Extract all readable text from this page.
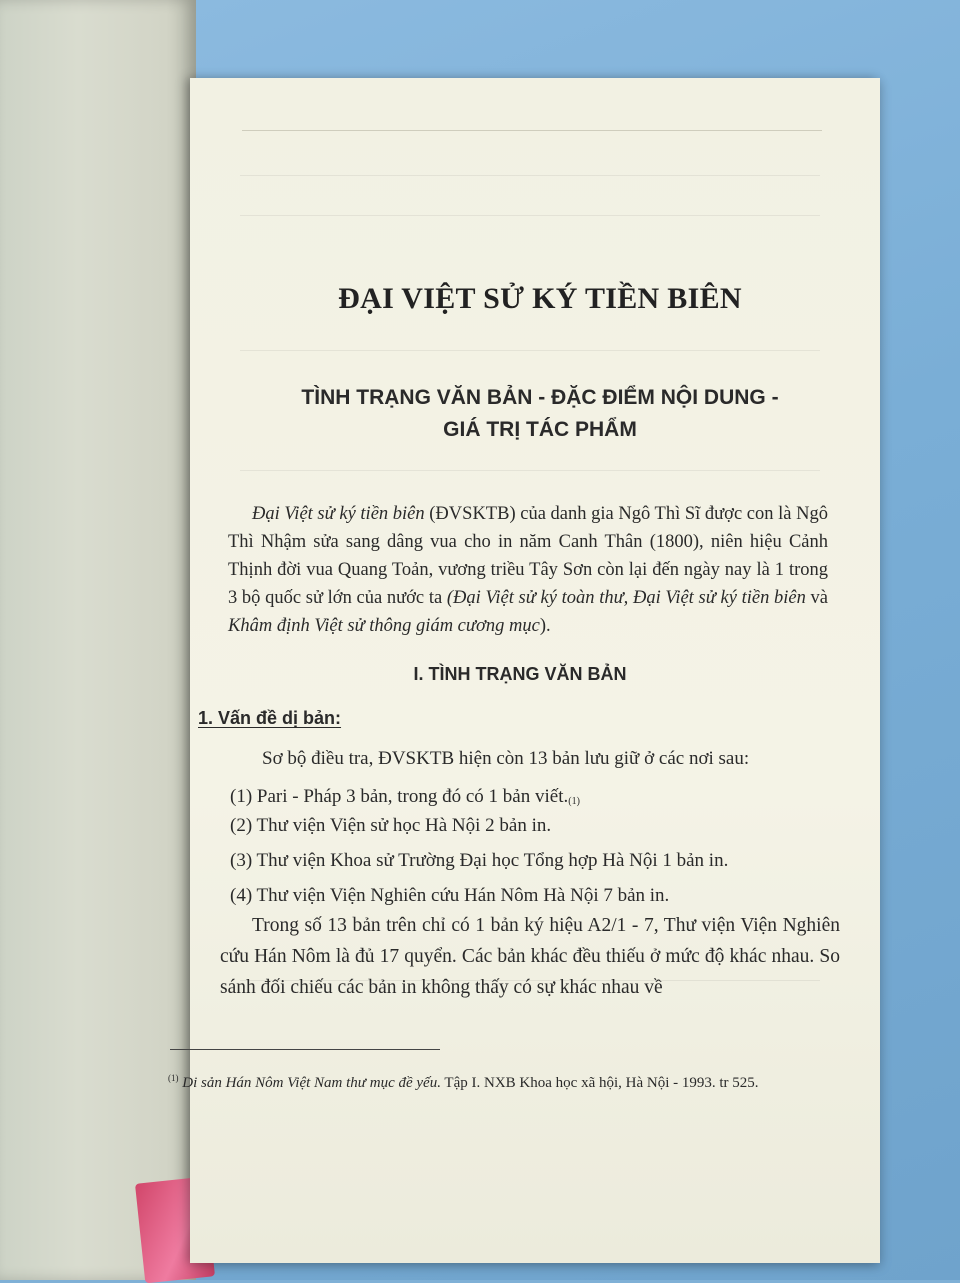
ĐẠI VIỆT SỬ KÝ TIỀN BIÊN
TÌNH TRẠNG VĂN BẢN - ĐẶC ĐIỂM NỘI DUNG -
GIÁ TRỊ TÁC PHẨM

Đại Việt sử ký tiền biên (ĐVSKTB) của danh gia Ngô Thì Sĩ được con là Ngô Thì Nhậm sửa sang dâng vua cho in năm Canh Thân (1800), niên hiệu Cảnh Thịnh đời vua Quang Toản, vương triều Tây Sơn còn lại đến ngày nay là 1 trong 3 bộ quốc sử lớn của nước ta (Đại Việt sử ký toàn thư, Đại Việt sử ký tiền biên và Khâm định Việt sử thông giám cương mục).

I. TÌNH TRẠNG VĂN BẢN
1. Vấn đề dị bản:
Sơ bộ điều tra, ĐVSKTB hiện còn 13 bản lưu giữ ở các nơi sau:
(1) Pari - Pháp 3 bản, trong đó có 1 bản viết.$^{(1)}$
(2) Thư viện Viện sử học Hà Nội 2 bản in.
(3) Thư viện Khoa sử Trường Đại học Tổng hợp Hà Nội 1 bản in.
(4) Thư viện Viện Nghiên cứu Hán Nôm Hà Nội 7 bản in.

Trong số 13 bản trên chỉ có 1 bản ký hiệu A2/1 - 7, Thư viện Viện Nghiên cứu Hán Nôm là đủ 17 quyển. Các bản khác đều thiếu ở mức độ khác nhau. So sánh đối chiếu các bản in không thấy có sự khác nhau về

$^{(1)}$ Di sản Hán Nôm Việt Nam thư mục đề yếu. Tập I. NXB Khoa học xã hội, Hà Nội - 1993. tr 525.
